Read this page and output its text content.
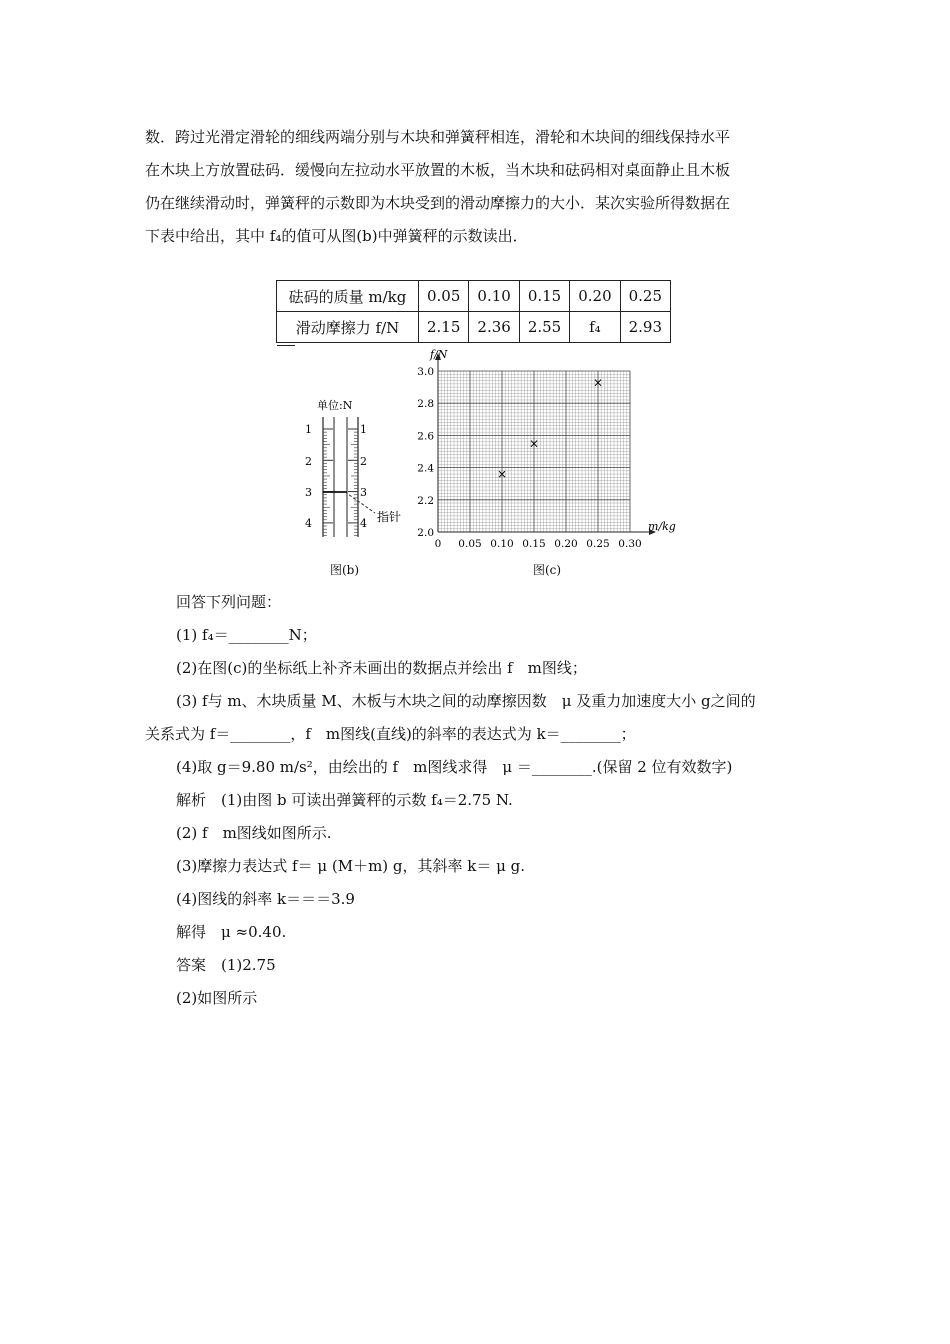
数．跨过光滑定滑轮的细线两端分别与木块和弹簧秤相连，滑轮和木块间的细线保持水平
在木块上方放置砝码．缓慢向左拉动水平放置的木板，当木块和砝码相对桌面静止且木板
仍在继续滑动时，弹簧秤的示数即为木块受到的滑动摩擦力的大小．某次实验所得数据在
下表中给出，其中 f₄的值可从图(b)中弹簧秤的示数读出．
砝码的质量 m/kg	0.05	0.10	0.15	0.20	0.25
滑动摩擦力 f/N	2.15	2.36	2.55	f₄	2.93
单位:N
1
2
3
4
1
2
3
4 指针
图(b)
0 0.05 0.10 0.15 0.20 0.25 0.30
2.0
2.2
2.4
2.6
2.8
3.0
×
×
×
f/N
m/kg
图(c)
回答下列问题：
(1) f₄＝________N；
(2)在图(c)的坐标纸上补齐未画出的数据点并绘出 f　m图线；
(3) f与 m、木块质量 M、木板与木块之间的动摩擦因数　μ 及重力加速度大小 g之间的
关系式为 f＝________，f　m图线(直线)的斜率的表达式为 k＝________；
(4)取 g＝9.80 m/s²，由绘出的 f　m图线求得　μ ＝________.(保留 2 位有效数字)
解析　(1)由图 b 可读出弹簧秤的示数 f₄＝2.75 N.
(2) f　m图线如图所示.
(3)摩擦力表达式 f＝ μ (M＋m) g，其斜率 k＝ μ g.
(4)图线的斜率 k＝＝＝3.9
解得　μ ≈0.40.
答案　(1)2.75
(2)如图所示
